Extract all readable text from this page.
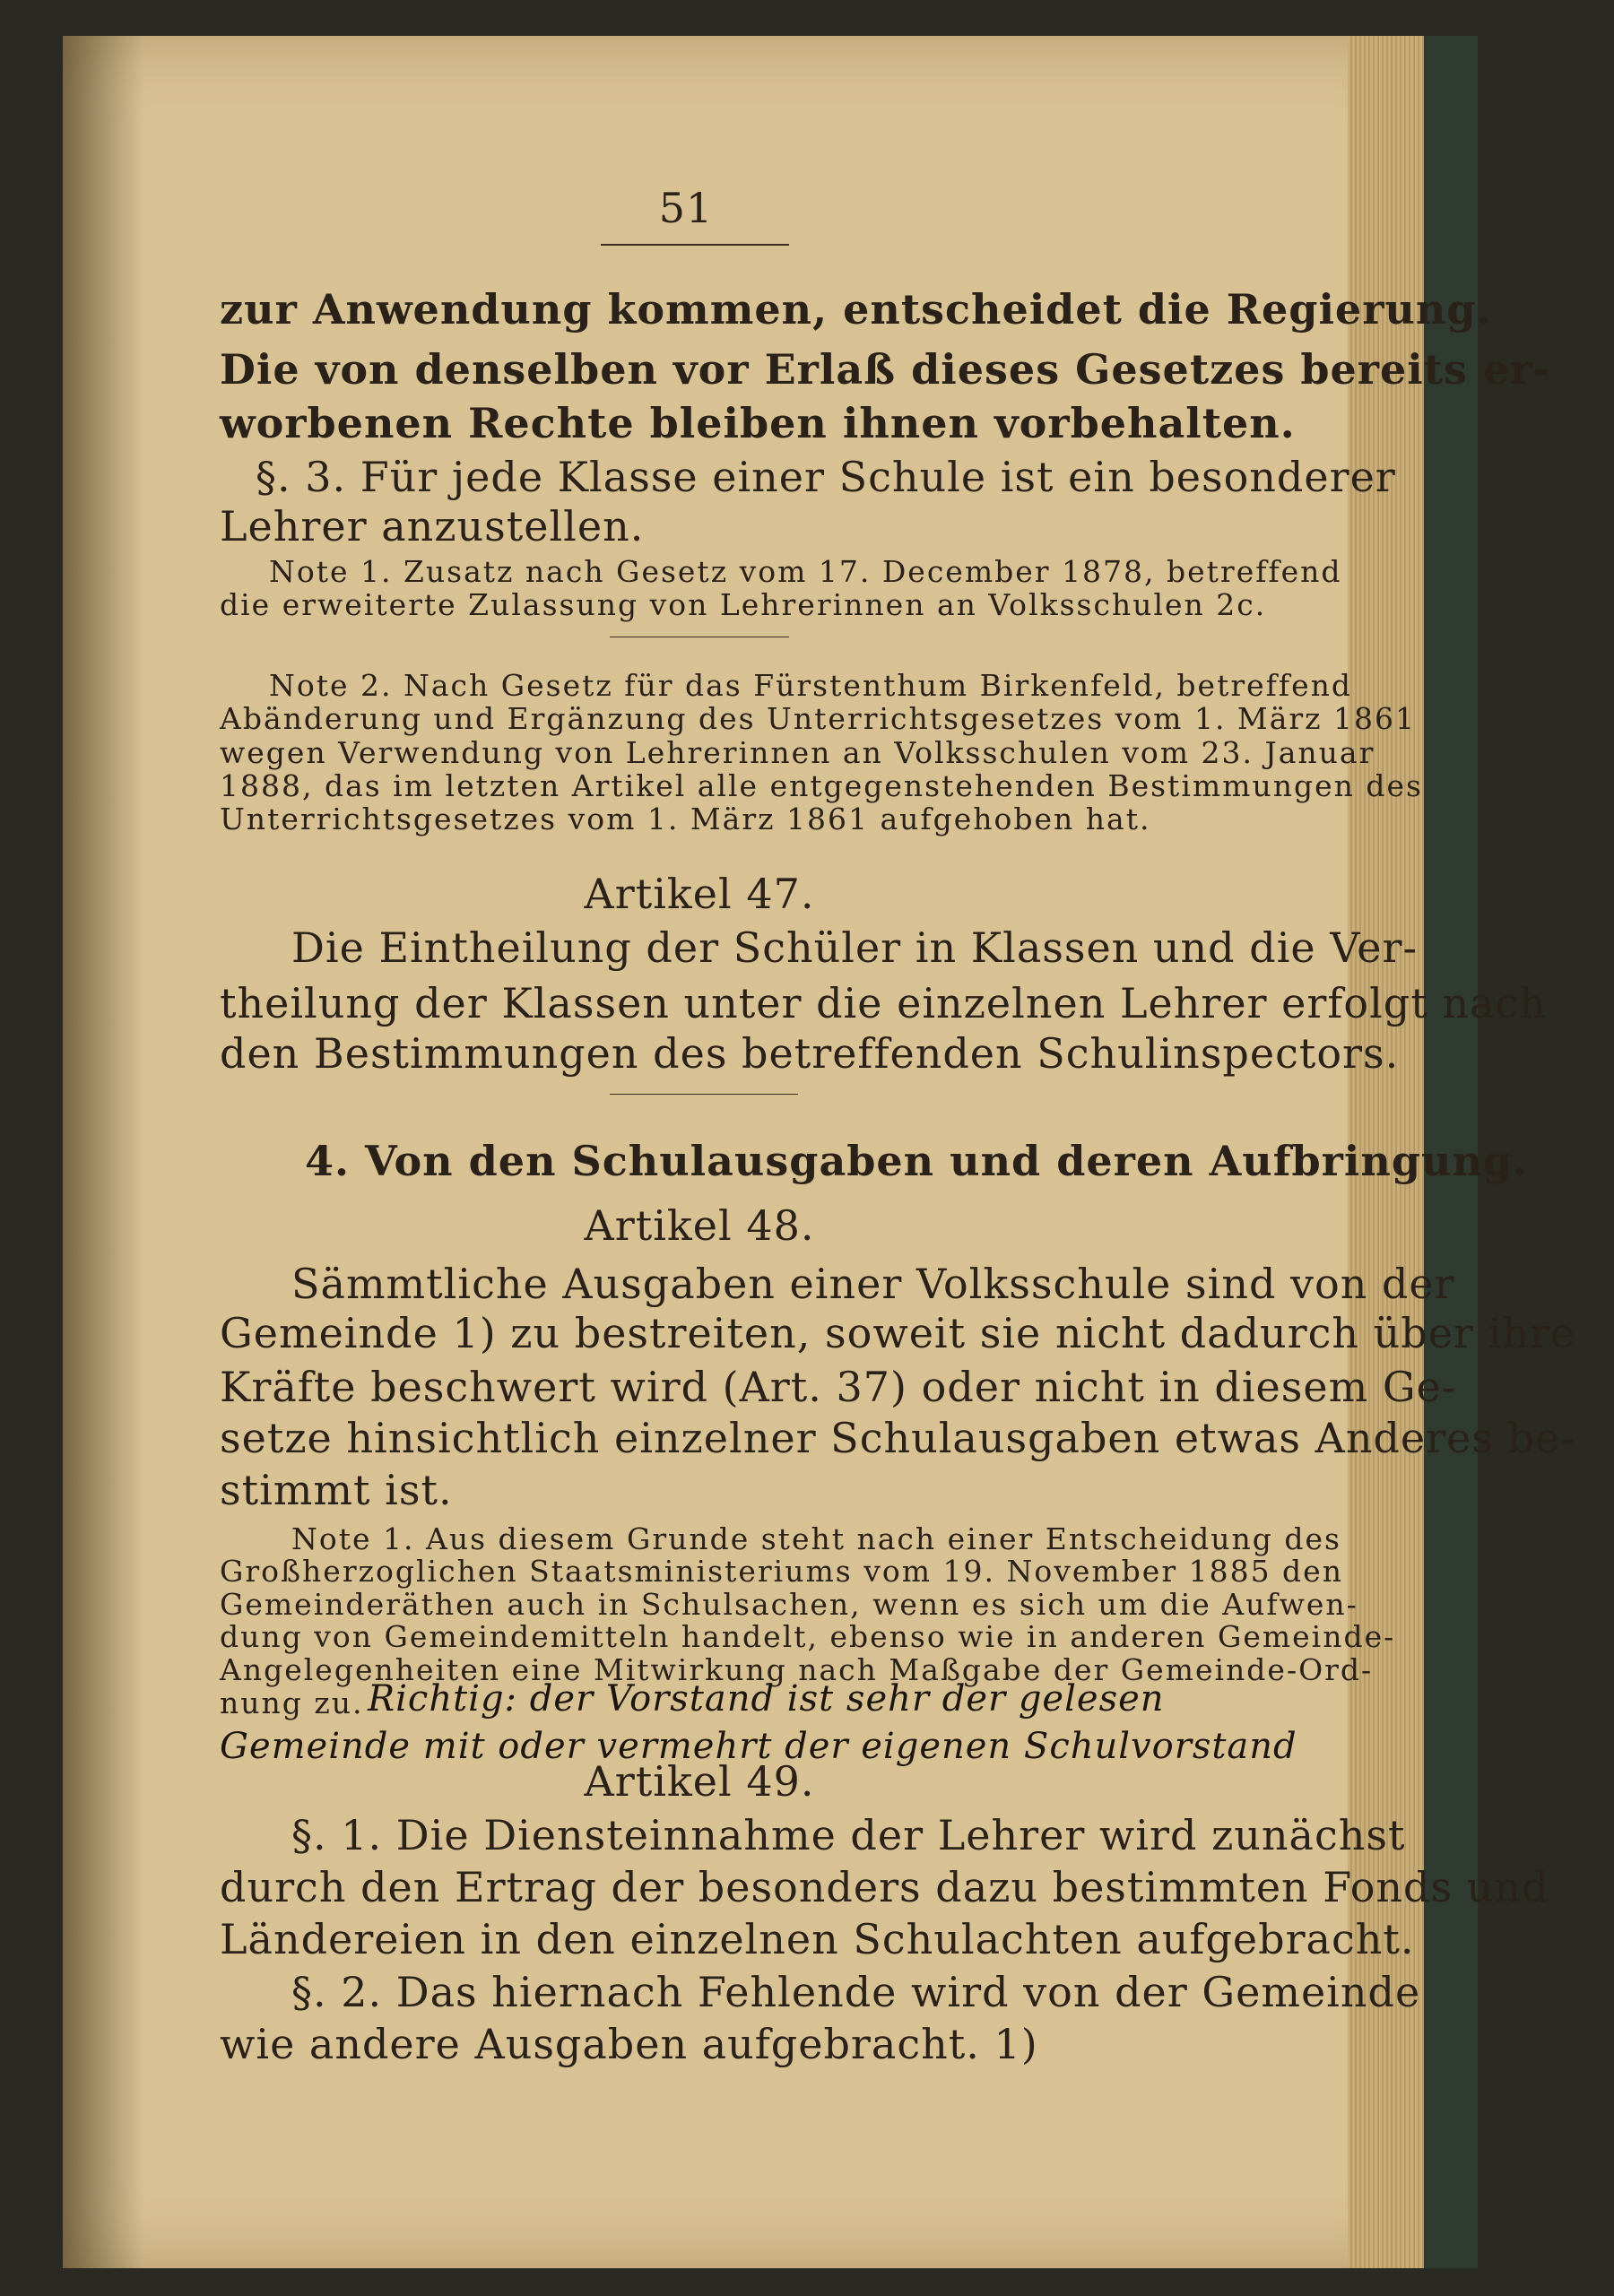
51
zur Anwendung kommen, entscheidet die Regierung.
Die von denselben vor Erlaß dieses Gesetzes bereits er-
worbenen Rechte bleiben ihnen vorbehalten.
§. 3. Für jede Klasse einer Schule ist ein besonderer
Lehrer anzustellen.
Note 1. Zusatz nach Gesetz vom 17. December 1878, betreffend
die erweiterte Zulassung von Lehrerinnen an Volksschulen 2c.
Note 2. Nach Gesetz für das Fürstenthum Birkenfeld, betreffend
Abänderung und Ergänzung des Unterrichtsgesetzes vom 1. März 1861
wegen Verwendung von Lehrerinnen an Volksschulen vom 23. Januar
1888, das im letzten Artikel alle entgegenstehenden Bestimmungen des
Unterrichtsgesetzes vom 1. März 1861 aufgehoben hat.
Artikel 47.
Die Eintheilung der Schüler in Klassen und die Ver-
theilung der Klassen unter die einzelnen Lehrer erfolgt nach
den Bestimmungen des betreffenden Schulinspectors.
4. Von den Schulausgaben und deren Aufbringung.
Artikel 48.
Sämmtliche Ausgaben einer Volksschule sind von der
Gemeinde 1) zu bestreiten, soweit sie nicht dadurch über ihre
Kräfte beschwert wird (Art. 37) oder nicht in diesem Ge-
setze hinsichtlich einzelner Schulausgaben etwas Anderes be-
stimmt ist.
Note 1. Aus diesem Grunde steht nach einer Entscheidung des
Großherzoglichen Staatsministeriums vom 19. November 1885 den
Gemeinderäthen auch in Schulsachen, wenn es sich um die Aufwen-
dung von Gemeindemitteln handelt, ebenso wie in anderen Gemeinde-
Angelegenheiten eine Mitwirkung nach Maßgabe der Gemeinde-Ord-
nung zu. Richtig: der Vorstand ist sehr der gelesen
Gemeinde mit oder vermehrt der eigenen Schulvorstand
Artikel 49.
§. 1. Die Diensteinnahme der Lehrer wird zunächst
durch den Ertrag der besonders dazu bestimmten Fonds und
Ländereien in den einzelnen Schulachten aufgebracht.
§. 2. Das hiernach Fehlende wird von der Gemeinde
wie andere Ausgaben aufgebracht. 1)
